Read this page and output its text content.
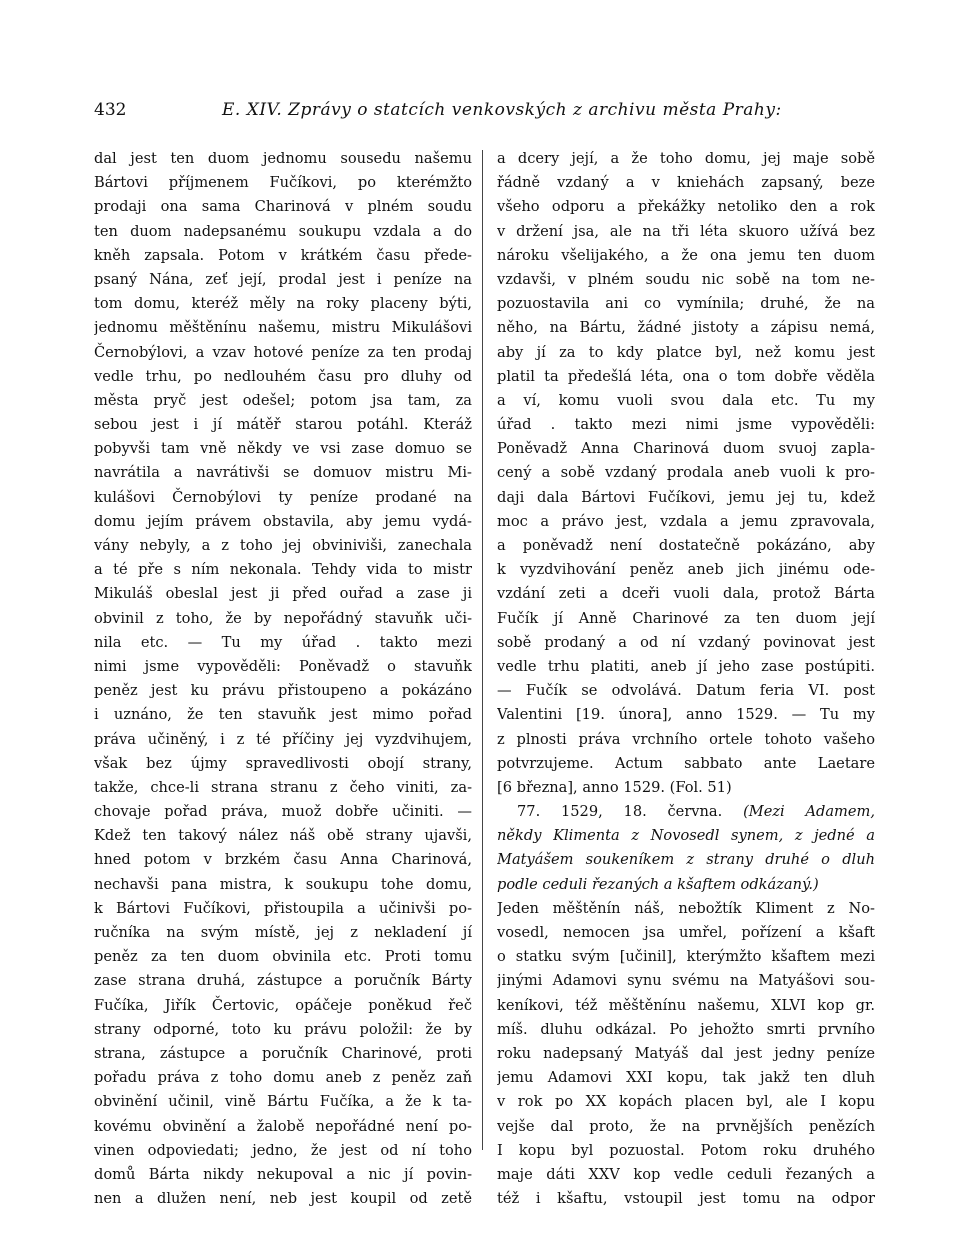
432	E. XIV. Zprávy o statcích venkovských z archivu města Prahy:
dal jest ten duom jednomu sousedu našemu
Bártovi příjmenem Fučíkovi, po kterémžto
prodaji ona sama Charinová v plném soudu
ten duom nadepsanému soukupu vzdala a do
kněh zapsala. Potom v krátkém času přede-
psaný Nána, zeť její, prodal jest i peníze na
tom domu, kteréž měly na roky placeny býti,
jednomu měštěnínu našemu, mistru Mikulášovi
Černobýlovi, a vzav hotové peníze za ten prodaj
vedle trhu, po nedlouhém času pro dluhy od
města pryč jest odešel; potom jsa tam, za
sebou jest i jí mátěř starou potáhl. Kteráž
pobyvši tam vně někdy ve vsi zase domuo se
navrátila a navrátivši se domuov mistru Mi-
kulášovi Černobýlovi ty peníze prodané na
domu jejím právem obstavila, aby jemu vydá-
vány nebyly, a z toho jej obviniviši, zanechala
a té pře s ním nekonala. Tehdy vida to mistr
Mikuláš obeslal jest ji před ouřad a zase ji
obvinil z toho, že by nepořádný stavuňk uči-
nila etc. — Tu my úřad . takto mezi
nimi jsme vypověděli: Poněvadž o stavuňk
peněz jest ku právu přistoupeno a pokázáno
i uznáno, že ten stavuňk jest mimo pořad
práva učiněný, i z té příčiny jej vyzdvihujem,
však bez újmy spravedlivosti obojí strany,
takže, chce-li strana stranu z čeho viniti, za-
chovaje pořad práva, muož dobře učiniti. —
Kdež ten takový nález náš obě strany ujavši,
hned potom v brzkém času Anna Charinová,
nechavši pana mistra, k soukupu tohe domu,
k Bártovi Fučíkovi, přistoupila a učinivši po-
ručníka na svým místě, jej z nekladení jí
peněz za ten duom obvinila etc. Proti tomu
zase strana druhá, zástupce a poručník Bárty
Fučíka, Jiřík Čertovic, opáčeje poněkud řeč
strany odporné, toto ku právu položil: že by
strana, zástupce a poručník Charinové, proti
pořadu práva z toho domu aneb z peněz zaň
obvinění učinil, vině Bártu Fučíka, a že k ta-
kovému obvinění a žalobě nepořádné není po-
vinen odpoviedati; jedno, že jest od ní toho
domů Bárta nikdy nekupoval a nic jí povin-
nen a dlužen není, neb jest koupil od zetě
a dcery její, a že toho domu, jej maje sobě
řádně vzdaný a v kniehách zapsaný, beze
všeho odporu a překážky netoliko den a rok
v držení jsa, ale na tři léta skuoro užívá bez
nároku všelijakého, a že ona jemu ten duom
vzdavši, v plném soudu nic sobě na tom ne-
pozuostavila ani co vymínila; druhé, že na
něho, na Bártu, žádné jistoty a zápisu nemá,
aby jí za to kdy platce byl, než komu jest
platil ta předešlá léta, ona o tom dobře věděla
a ví, komu vuoli svou dala etc. Tu my
úřad . takto mezi nimi jsme vypověděli:
Poněvadž Anna Charinová duom svuoj zapla-
cený a sobě vzdaný prodala aneb vuoli k pro-
daji dala Bártovi Fučíkovi, jemu jej tu, kdež
moc a právo jest, vzdala a jemu zpravovala,
a poněvadž není dostatečně pokázáno, aby
k vyzdvihování peněz aneb jich jinému ode-
vzdání zeti a dceři vuoli dala, protož Bárta
Fučík jí Anně Charinové za ten duom její
sobě prodaný a od ní vzdaný povinovat jest
vedle trhu platiti, aneb jí jeho zase postúpiti.
— Fučík se odvolává. Datum feria VI. post
Valentini [19. února], anno 1529. — Tu my
z plnosti práva vrchního ortele tohoto vašeho
potvrzujeme. Actum sabbato ante Laetare
[6 března], anno 1529. (Fol. 51)
77. 1529, 18. června. (Mezi Adamem,
někdy Klimenta z Novosedl synem, z jedné a
Matyášem soukeníkem z strany druhé o dluh
podle ceduli řezaných a kšaftem odkázaný.)
Jeden měštěnín náš, nebožtík Kliment z No-
vosedl, nemocen jsa umřel, pořízení a kšaft
o statku svým [učinil], kterýmžto kšaftem mezi
jinými Adamovi synu svému na Matyášovi sou-
keníkovi, též měštěnínu našemu, XLVI kop gr.
míš. dluhu odkázal. Po jehožto smrti prvního
roku nadepsaný Matyáš dal jest jedny peníze
jemu Adamovi XXI kopu, tak jakž ten dluh
v rok po XX kopách placen byl, ale I kopu
vejše dal proto, že na prvnějších penězích
I kopu byl pozuostal. Potom roku druhého
maje dáti XXV kop vedle ceduli řezaných a
též i kšaftu, vstoupil jest tomu na odpor
